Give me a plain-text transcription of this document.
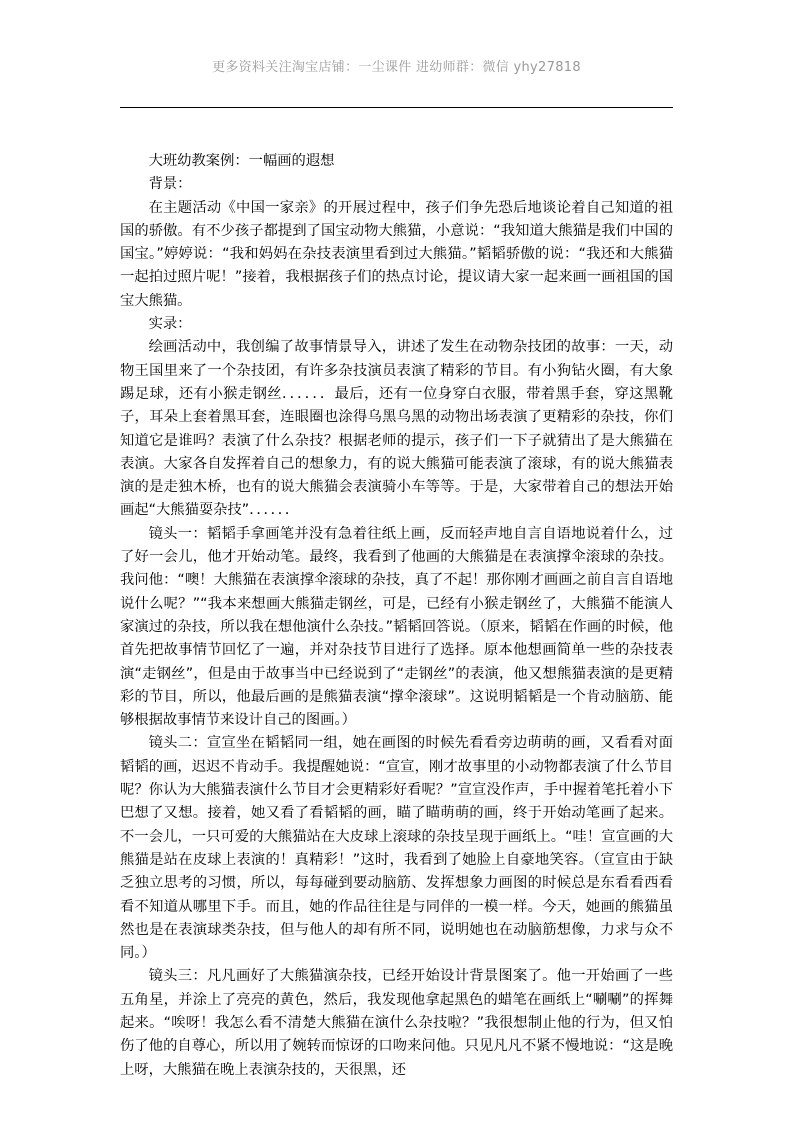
更多资料关注淘宝店铺：一尘课件 进幼师群：微信 yhy27818

大班幼教案例：一幅画的遐想

背景：

在主题活动《中国一家亲》的开展过程中，孩子们争先恐后地谈论着自己知道的祖国的骄傲。有不少孩子都提到了国宝动物大熊猫，小意说：“我知道大熊猫是我们中国的国宝。”婷婷说：“我和妈妈在杂技表演里看到过大熊猫。”韬韬骄傲的说：“我还和大熊猫一起拍过照片呢！”接着，我根据孩子们的热点讨论，提议请大家一起来画一画祖国的国宝大熊猫。

实录：

绘画活动中，我创编了故事情景导入，讲述了发生在动物杂技团的故事：一天，动物王国里来了一个杂技团，有许多杂技演员表演了精彩的节目。有小狗钻火圈，有大象踢足球，还有小猴走钢丝．．．．．．最后，还有一位身穿白衣服，带着黑手套，穿这黑靴子，耳朵上套着黑耳套，连眼圈也涂得乌黑乌黑的动物出场表演了更精彩的杂技，你们知道它是谁吗？表演了什么杂技？根据老师的提示，孩子们一下子就猜出了是大熊猫在表演。大家各自发挥着自己的想象力，有的说大熊猫可能表演了滚球，有的说大熊猫表演的是走独木桥，也有的说大熊猫会表演骑小车等等。于是，大家带着自己的想法开始画起“大熊猫耍杂技”．．．．．．

镜头一：韬韬手拿画笔并没有急着往纸上画，反而轻声地自言自语地说着什么，过了好一会儿，他才开始动笔。最终，我看到了他画的大熊猫是在表演撑伞滚球的杂技。我问他：“噢！大熊猫在表演撑伞滚球的杂技，真了不起！那你刚才画画之前自言自语地说什么呢？”“我本来想画大熊猫走钢丝，可是，已经有小猴走钢丝了，大熊猫不能演人家演过的杂技，所以我在想他演什么杂技。”韬韬回答说。（原来，韬韬在作画的时候，他首先把故事情节回忆了一遍，并对杂技节目进行了选择。原本他想画简单一些的杂技表演“走钢丝”，但是由于故事当中已经说到了“走钢丝”的表演，他又想熊猫表演的是更精彩的节目，所以，他最后画的是熊猫表演“撑伞滚球”。这说明韬韬是一个肯动脑筋、能够根据故事情节来设计自己的图画。）

镜头二：宣宣坐在韬韬同一组，她在画图的时候先看看旁边萌萌的画，又看看对面韬韬的画，迟迟不肯动手。我提醒她说：“宣宣，刚才故事里的小动物都表演了什么节目呢？你认为大熊猫表演什么节目才会更精彩好看呢？”宣宣没作声，手中握着笔托着小下巴想了又想。接着，她又看了看韬韬的画，瞄了瞄萌萌的画，终于开始动笔画了起来。不一会儿，一只可爱的大熊猫站在大皮球上滚球的杂技呈现于画纸上。“哇！宣宣画的大熊猫是站在皮球上表演的！真精彩！”这时，我看到了她脸上自豪地笑容。（宣宣由于缺乏独立思考的习惯，所以，每每碰到要动脑筋、发挥想象力画图的时候总是东看看西看看不知道从哪里下手。而且，她的作品往往是与同伴的一模一样。今天，她画的熊猫虽然也是在表演球类杂技，但与他人的却有所不同，说明她也在动脑筋想像，力求与众不同。）

镜头三：凡凡画好了大熊猫演杂技，已经开始设计背景图案了。他一开始画了一些五角星，并涂上了亮亮的黄色，然后，我发现他拿起黑色的蜡笔在画纸上“唰唰”的挥舞起来。“唉呀！我怎么看不清楚大熊猫在演什么杂技啦？”我很想制止他的行为，但又怕伤了他的自尊心，所以用了婉转而惊讶的口吻来问他。只见凡凡不紧不慢地说：“这是晚上呀，大熊猫在晚上表演杂技的，天很黑，还
